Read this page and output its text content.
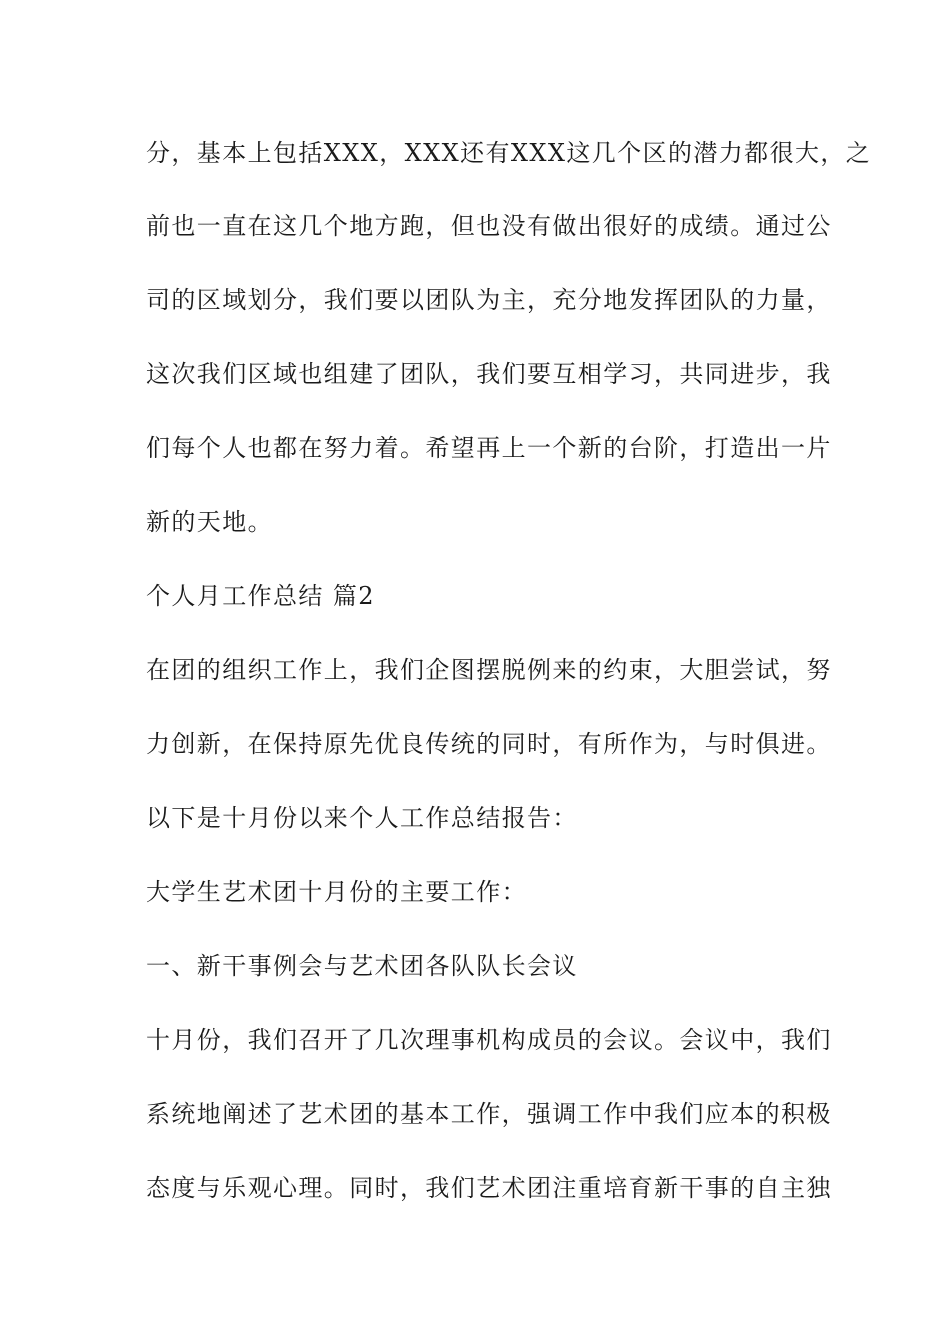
分，基本上包括XXX，XXX还有XXX这几个区的潜力都很大，之
前也一直在这几个地方跑，但也没有做出很好的成绩。通过公
司的区域划分，我们要以团队为主，充分地发挥团队的力量，
这次我们区域也组建了团队，我们要互相学习，共同进步，我
们每个人也都在努力着。希望再上一个新的台阶，打造出一片
新的天地。
个人月工作总结 篇2
在团的组织工作上，我们企图摆脱例来的约束，大胆尝试，努
力创新，在保持原先优良传统的同时，有所作为，与时俱进。
以下是十月份以来个人工作总结报告：
大学生艺术团十月份的主要工作：
一、新干事例会与艺术团各队队长会议
十月份，我们召开了几次理事机构成员的会议。会议中，我们
系统地阐述了艺术团的基本工作，强调工作中我们应本的积极
态度与乐观心理。同时，我们艺术团注重培育新干事的自主独
